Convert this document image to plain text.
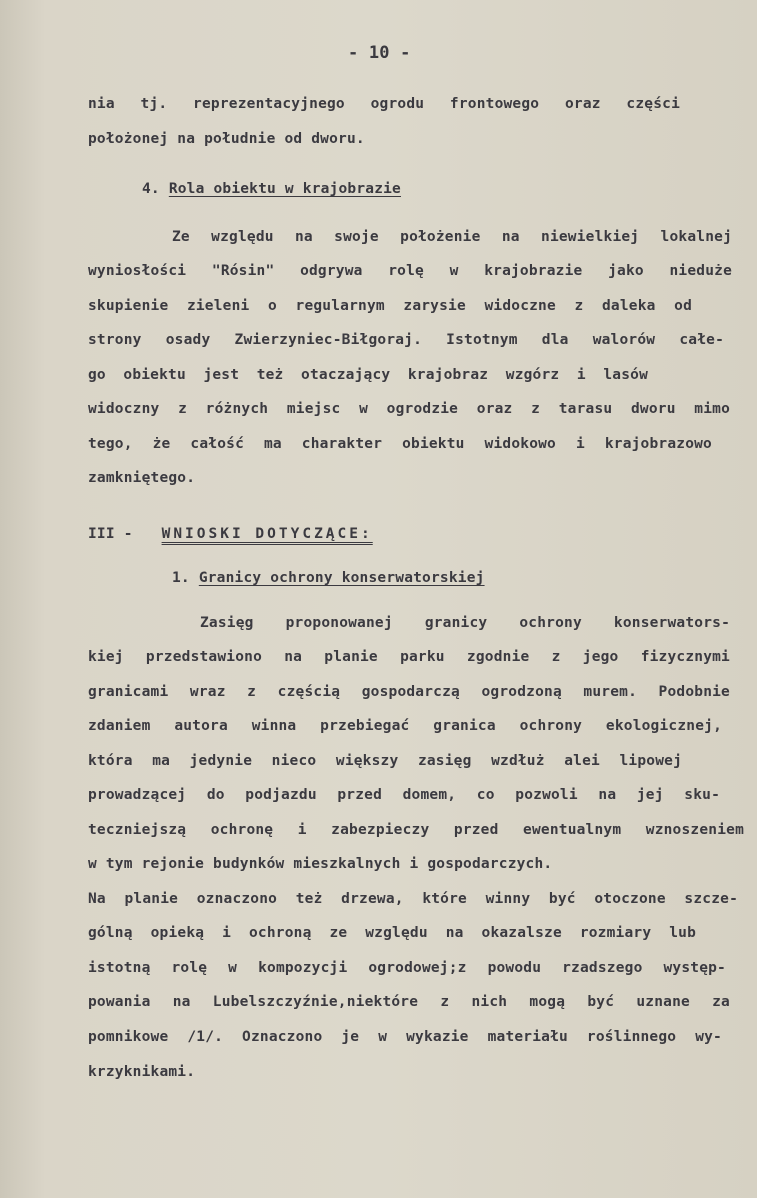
- 10 -
nia tj. reprezentacyjnego ogrodu frontowego oraz części
położonej na południe od dworu.
4. Rola obiektu w krajobrazie
Ze względu na swoje położenie na niewielkiej lokalnej
wyniosłości "Rósin" odgrywa rolę w krajobrazie jako nieduże
skupienie zieleni o regularnym zarysie widoczne z daleka od
strony osady Zwierzyniec-Biłgoraj. Istotnym dla walorów całe-
go obiektu jest też otaczający krajobraz wzgórz i lasów
widoczny z różnych miejsc w ogrodzie oraz z tarasu dworu mimo
tego, że całość ma charakter obiektu widokowo i krajobrazowo
zamkniętego.
III - WNIOSKI DOTYCZĄCE:
1. Granicy ochrony konserwatorskiej
Zasięg proponowanej granicy ochrony konserwators-
kiej przedstawiono na planie parku zgodnie z jego fizycznymi
granicami wraz z częścią gospodarczą ogrodzoną murem. Podobnie
zdaniem autora winna przebiegać granica ochrony ekologicznej,
która ma jedynie nieco większy zasięg wzdłuż alei lipowej
prowadzącej do podjazdu przed domem, co pozwoli na jej sku-
teczniejszą ochronę i zabezpieczy przed ewentualnym wznoszeniem
w tym rejonie budynków mieszkalnych i gospodarczych.
Na planie oznaczono też drzewa, które winny być otoczone szcze-
gólną opieką i ochroną ze względu na okazalsze rozmiary lub
istotną rolę w kompozycji ogrodowej;z powodu rzadszego występ-
powania na Lubelszczyźnie,niektóre z nich mogą być uznane za
pomnikowe /1/. Oznaczono je w wykazie materiału roślinnego wy-
krzyknikami.
